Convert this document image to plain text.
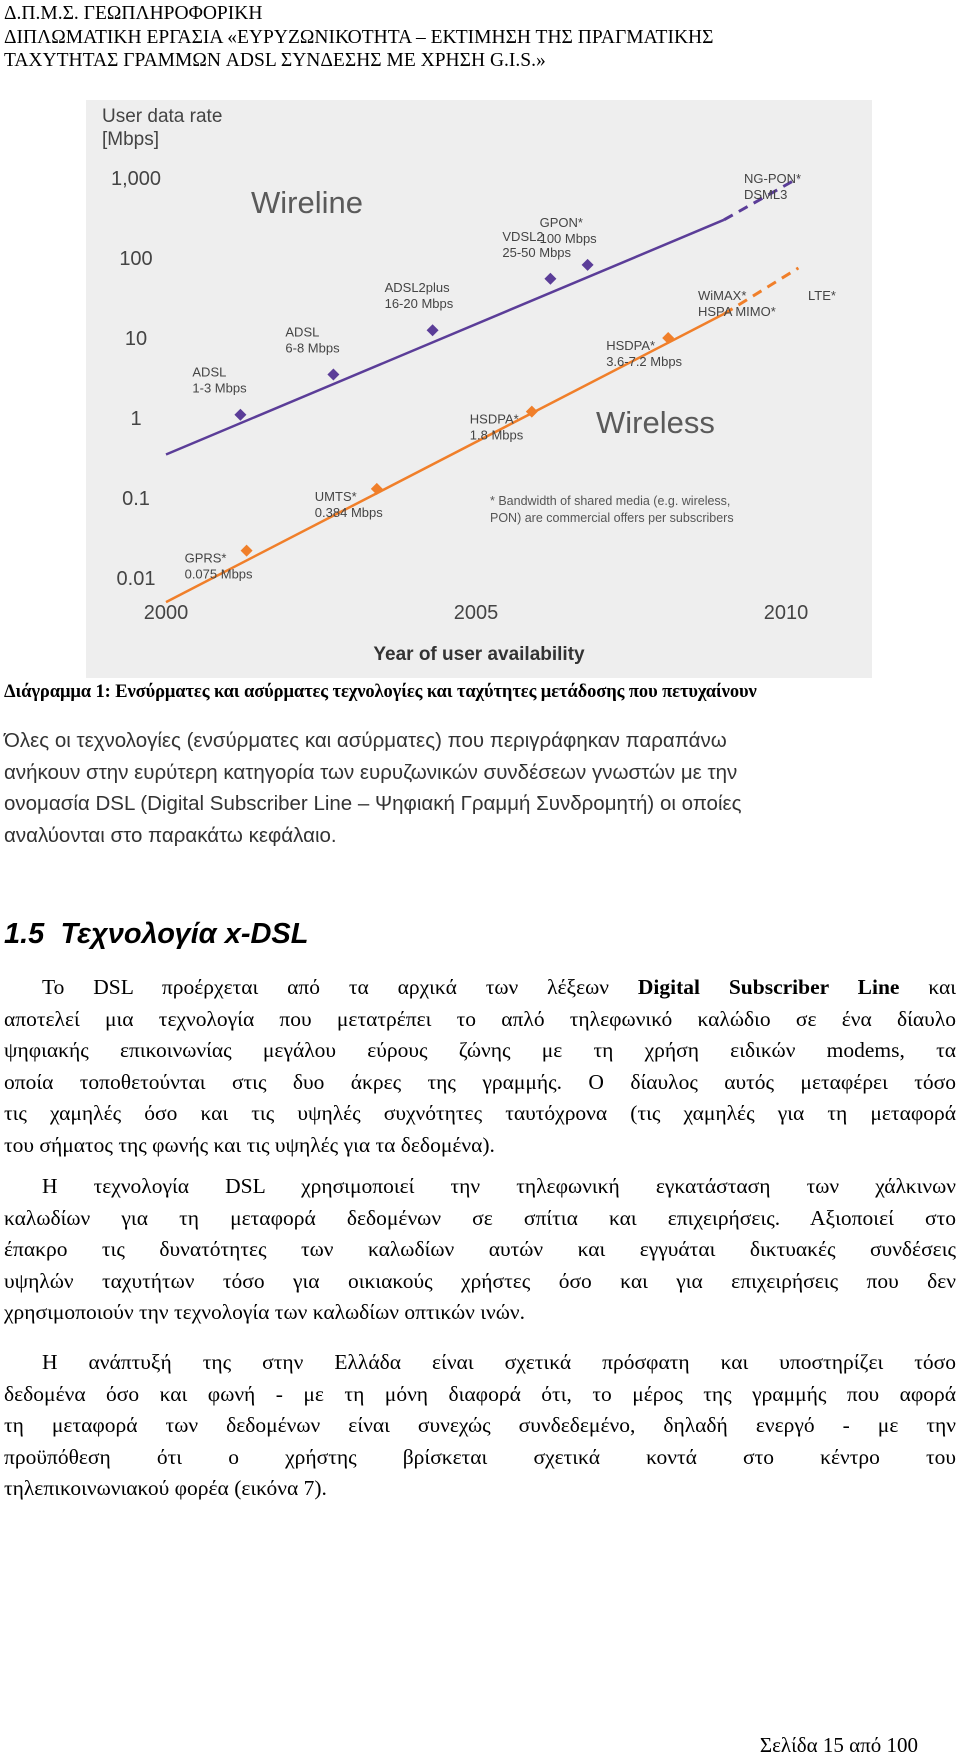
Δ.Π.Μ.Σ. ΓΕΩΠΛΗΡΟΦΟΡΙΚΗ
ΔΙΠΛΩΜΑΤΙΚΗ ΕΡΓΑΣΙΑ «ΕΥΡΥΖΩΝΙΚΟΤΗΤΑ – ΕΚΤΙΜΗΣΗ ΤΗΣ ΠΡΑΓΜΑΤΙΚΗΣ
ΤΑΧΥΤΗΤΑΣ ΓΡΑΜΜΩΝ ADSL ΣΥΝΔΕΣΗΣ ΜΕ ΧΡΗΣΗ G.I.S.»
User data rate
[Mbps]
0.01
0.1
1
10
100
1,000
2000	2005	2010
Wireline
Wireless
ADSL
1-3 Mbps
ADSL
6-8 Mbps
ADSL2plus
16-20 Mbps
VDSL2
25-50 Mbps
GPON*
100 Mbps
GPRS*
0.075 Mbps
UMTS*
0.384 Mbps
HSDPA*
1.8 Mbps
HSDPA*
3.6-7.2 Mbps
NG-PON*
DSML3
WiMAX*
HSPA MIMO*
LTE*
* Bandwidth of shared media (e.g. wireless,
PON) are commercial offers per subscribers
Year of user availability
Διάγραμμα 1: Ενσύρματες και ασύρματες τεχνολογίες και ταχύτητες μετάδοσης που πετυχαίνουν
Όλες οι τεχνολογίες (ενσύρματες και ασύρματες) που περιγράφηκαν παραπάνω
ανήκουν στην ευρύτερη κατηγορία των ευρυζωνικών συνδέσεων γνωστών με την
ονομασία DSL (Digital Subscriber Line – Ψηφιακή Γραμμή Συνδρομητή) οι οποίες
αναλύονται στο παρακάτω κεφάλαιο.
1.5 Τεχνολογία x-DSL
Το DSL προέρχεται από τα αρχικά των λέξεων Digital Subscriber Line και
αποτελεί μια τεχνολογία που μετατρέπει το απλό τηλεφωνικό καλώδιο σε ένα δίαυλο
ψηφιακής επικοινωνίας μεγάλου εύρους ζώνης με τη χρήση ειδικών modems, τα
οποία τοποθετούνται στις δυο άκρες της γραμμής. Ο δίαυλος αυτός μεταφέρει τόσο
τις χαμηλές όσο και τις υψηλές συχνότητες ταυτόχρονα (τις χαμηλές για τη μεταφορά
του σήματος της φωνής και τις υψηλές για τα δεδομένα).
Η τεχνολογία DSL χρησιμοποιεί την τηλεφωνική εγκατάσταση των χάλκινων
καλωδίων για τη μεταφορά δεδομένων σε σπίτια και επιχειρήσεις. Αξιοποιεί στο
έπακρο τις δυνατότητες των καλωδίων αυτών και εγγυάται δικτυακές συνδέσεις
υψηλών ταχυτήτων τόσο για οικιακούς χρήστες όσο και για επιχειρήσεις που δεν
χρησιμοποιούν την τεχνολογία των καλωδίων οπτικών ινών.
Η ανάπτυξή της στην Ελλάδα είναι σχετικά πρόσφατη και υποστηρίζει τόσο
δεδομένα όσο και φωνή - με τη μόνη διαφορά ότι, το μέρος της γραμμής που αφορά
τη μεταφορά των δεδομένων είναι συνεχώς συνδεδεμένο, δηλαδή ενεργό - με την
προϋπόθεση ότι ο χρήστης βρίσκεται σχετικά κοντά στο κέντρο του
τηλεπικοινωνιακού φορέα (εικόνα 7).
Σελίδα 15 από 100
